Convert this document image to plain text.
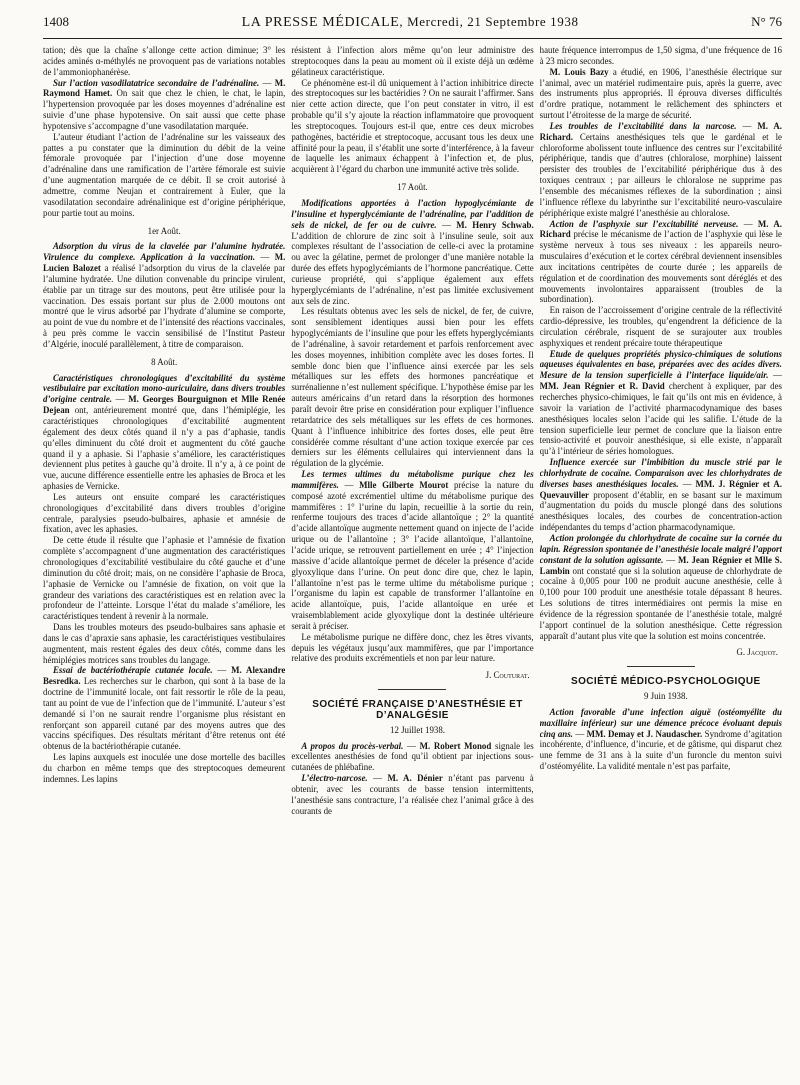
1408	LA PRESSE MÉDICALE, Mercredi, 21 Septembre 1938	N° 76

tation; dès que la chaîne s’allonge cette action diminue; 3° les acides aminés α-méthylés ne provoquent pas de variations notables de l’ammoniophanérèse.

Sur l’action vasodilatatrice secondaire de l’adrénaline. — M. Raymond Hamet. On sait que chez le chien, le chat, le lapin, l’hypertension provoquée par les doses moyennes d’adrénaline est suivie d’une phase hypotensive. On sait aussi que cette phase hypotensive s’accompagne d’une vasodilatation marquée.

L’auteur étudiant l’action de l’adrénaline sur les vaisseaux des pattes a pu constater que la diminution du débit de la veine fémorale provoquée par l’injection d’une dose moyenne d’adrénaline dans une ramification de l’artère fémorale est suivie d’une augmentation marquée de ce débit. Il se croit autorisé à admettre, comme Neujan et contrairement à Euler, que la vasodilatation secondaire adrénalinique est d’origine périphérique, pour partie tout au moins.

1er Août.

Adsorption du virus de la clavelée par l’alumine hydratée. Virulence du complexe. Application à la vaccination. — M. Lucien Balozet a réalisé l’adsorption du virus de la clavelée par l’alumine hydratée. Une dilution convenable du principe virulent, établie par un titrage sur des moutons, peut être utilisée pour la vaccination. Des essais portant sur plus de 2.000 moutons ont montré que le virus adsorbé par l’hydrate d’alumine se comporte, au point de vue du nombre et de l’intensité des réactions vaccinales, à peu près comme le vaccin sensibilisé de l’Institut Pasteur d’Algérie, inoculé parallèlement, à titre de comparaison.

8 Août.

Caractéristiques chronologiques d’excitabilité du système vestibulaire par excitation mono-auriculaire, dans divers troubles d’origine centrale. — M. Georges Bourguignon et Mlle Renée Dejean ont, antérieurement montré que, dans l’hémiplégie, les caractéristiques chronologiques d’excitabilité augmentent également des deux côtés quand il n’y a pas d’aphasie, tandis qu’elles diminuent du côté droit et augmentent du côté gauche quand il y a aphasie. Si l’aphasie s’améliore, les caractéristiques deviennent plus petites à gauche qu’à droite. Il n’y a, à ce point de vue, aucune différence essentielle entre les aphasies de Broca et les aphasies de Vernicke.

Les auteurs ont ensuite comparé les caractéristiques chronologiques d’excitabilité dans divers troubles d’origine centrale, paralysies pseudo-bulbaires, aphasie et amnésie de fixation, avec les aphasies.

De cette étude il résulte que l’aphasie et l’amnésie de fixation complète s’accompagnent d’une augmentation des caractéristiques chronologiques d’excitabilité vestibulaire du côté gauche et d’une diminution du côté droit; mais, on ne considère l’aphasie de Broca, l’aphasie de Vernicke ou l’amnésie de fixation, on voit que la grandeur des variations des caractéristiques est en relation avec la profondeur de l’atteinte. Lorsque l’état du malade s’améliore, les caractéristiques tendent à revenir à la normale.

Dans les troubles moteurs des pseudo-bulbaires sans aphasie et dans le cas d’apraxie sans aphasie, les caractéristiques vestibulaires augmentent, mais restent égales des deux côtés, comme dans les hémiplégies motrices sans troubles du langage.

Essai de bactériothérapie cutanée locale. — M. Alexandre Besredka. Les recherches sur le charbon, qui sont à la base de la doctrine de l’immunité locale, ont fait ressortir le rôle de la peau, tant au point de vue de l’infection que de l’immunité. L’auteur s’est demandé si l’on ne saurait rendre l’organisme plus résistant en renforçant son appareil cutané par des moyens autres que des vaccins spécifiques. Des résultats méritant d’être retenus ont été obtenus de la bactériothérapie cutanée.

Les lapins auxquels est inoculée une dose mortelle des bacilles du charbon en même temps que des streptocoques demeurent indemnes. Les lapins

résistent à l’infection alors même qu’on leur administre des streptocoques dans la peau au moment où il existe déjà un œdème gélatineux caractéristique.

Ce phénomène est-il dû uniquement à l’action inhibitrice directe des streptocoques sur les bactéridies ? On ne saurait l’affirmer. Sans nier cette action directe, que l’on peut constater in vitro, il est probable qu’il s’y ajoute la réaction inflammatoire que provoquent les streptocoques. Toujours est-il que, entre ces deux microbes pathogènes, bactéridie et streptocoque, accusant tous les deux une affinité pour la peau, il s’établit une sorte d’interférence, à la faveur de laquelle les animaux échappent à l’infection et, de plus, acquièrent à l’égard du charbon une immunité active très solide.

17 Août.

Modifications apportées à l’action hypoglycémiante de l’insuline et hyperglycémiante de l’adrénaline, par l’addition de sels de nickel, de fer ou de cuivre. — M. Henry Schwab. L’addition de chlorure de zinc soit à l’insuline seule, soit aux complexes résultant de l’association de celle-ci avec la protamine ou avec la gélatine, permet de prolonger d’une manière notable la durée des effets hypoglycémiants de l’hormone pancréatique. Cette curieuse propriété, qui s’applique également aux effets hyperglycémiants de l’adrénaline, n’est pas limitée exclusivement aux sels de zinc.

Les résultats obtenus avec les sels de nickel, de fer, de cuivre, sont sensiblement identiques aussi bien pour les effets hypoglycémiants de l’insuline que pour les effets hyperglycémiants de l’adrénaline, à savoir retardement et parfois renforcement avec les doses moyennes, inhibition complète avec les doses fortes. Il semble donc bien que l’influence ainsi exercée par les sels métalliques sur les effets des hormones pancréatique et surrénalienne n’est nullement spécifique. L’hypothèse émise par les auteurs américains d’un retard dans la résorption des hormones paraît devoir être prise en considération pour expliquer l’influence retardatrice des sels métalliques sur les effets de ces hormones. Quant à l’influence inhibitrice des fortes doses, elle peut être considérée comme résultant d’une action toxique exercée par ces derniers sur les éléments cellulaires qui interviennent dans la régulation de la glycémie.

Les termes ultimes du métabolisme purique chez les mammifères. — Mlle Gilberte Mourot précise la nature du composé azoté excrémentiel ultime du métabolisme purique des mammifères : 1° l’urine du lapin, recueillie à la sortie du rein, renferme toujours des traces d’acide allantoïque ; 2° la quantité d’acide allantoïque augmente nettement quand on injecte de l’acide urique ou de l’allantoïne ; 3° l’acide allantoïque, l’allantoïne, l’acide urique, se retrouvent partiellement en urée ; 4° l’injection massive d’acide allantoïque permet de déceler la présence d’acide glyoxylique dans l’urine. On peut donc dire que, chez le lapin, l’allantoïne n’est pas le terme ultime du métabolisme purique ; l’organisme du lapin est capable de transformer l’allantoïne en acide allantoïque, puis, l’acide allantoïque en urée et vraisemblablement acide glyoxylique dont la destinée ultérieure serait à préciser.

Le métabolisme purique ne diffère donc, chez les êtres vivants, depuis les végétaux jusqu’aux mammifères, que par l’importance relative des produits excrémentiels et non par leur nature.

J. Couturat.

SOCIÉTÉ FRANÇAISE D’ANESTHÉSIE ET D’ANALGÉSIE

12 Juillet 1938.

A propos du procès-verbal. — M. Robert Monod signale les excellentes anesthésies de fond qu’il obtient par injections sous-cutanées de phlébafine.

L’électro-narcose. — M. A. Dénier n’étant pas parvenu à obtenir, avec les courants de basse tension intermittents, l’anesthésie sans contracture, l’a réalisée chez l’animal grâce à des courants de

haute fréquence interrompus de 1,50 sigma, d’une fréquence de 16 à 23 micro secondes.

M. Louis Bazy a étudié, en 1906, l’anesthésie électrique sur l’animal, avec un matériel rudimentaire puis, après la guerre, avec des instruments plus appropriés. Il éprouva diverses difficultés d’ordre pratique, notamment le relâchement des sphincters et surtout l’étroitesse de la marge de sécurité.

Les troubles de l’excitabilité dans la narcose. — M. A. Richard. Certains anesthésiques tels que le gardénal et le chloroforme abolissent toute influence des centres sur l’excitabilité périphérique, tandis que d’autres (chloralose, morphine) laissent persister des troubles de l’excitabilité périphérique dus à des toxiques centraux ; par ailleurs le chloralose ne supprime pas l’ensemble des mécanismes réflexes de la subordination ; ainsi l’influence réflexe du labyrinthe sur l’excitabilité neuro-vasculaire périphérique existe malgré l’anesthésie au chloralose.

Action de l’asphyxie sur l’excitabilité nerveuse. — M. A. Richard précise le mécanisme de l’action de l’asphyxie qui lèse le système nerveux à tous ses niveaux : les appareils neuro-musculaires d’exécution et le cortex cérébral deviennent insensibles aux incitations centripètes de courte durée ; les appareils de régulation et de coordination des mouvements sont déréglés et des mouvements involontaires apparaissent (troubles de la subordination).

En raison de l’accroissement d’origine centrale de la réflectivité cardio-dépressive, les troubles, qu’engendrent la déficience de la circulation cérébrale, risquent de se surajouter aux troubles asphyxiques et rendent précaire toute thérapeutique

Etude de quelques propriétés physico-chimiques de solutions aqueuses équivalentes en base, préparées avec des acides divers. Mesure de la tension superficielle à l’interface liquide/air. — MM. Jean Régnier et R. David cherchent à expliquer, par des recherches physico-chimiques, le fait qu’ils ont mis en évidence, à savoir la variation de l’activité pharmacodynamique des bases anesthésiques locales selon l’acide qui les salifie. L’étude de la tension superficielle leur permet de conclure que la liaison entre tensio-activité et pouvoir anesthésique, si elle existe, n’apparaît qu’à l’intérieur de séries homologues.

Influence exercée sur l’imbibition du muscle strié par le chlorhydrate de cocaïne. Comparaison avec les chlorhydrates de diverses bases anesthésiques locales. — MM. J. Régnier et A. Quevauviller proposent d’établir, en se basant sur le maximum d’augmentation du poids du muscle plongé dans des solutions anesthésiques locales, des courbes de concentration-action indépendantes du temps d’action pharmacodynamique.

Action prolongée du chlorhydrate de cocaïne sur la cornée du lapin. Régression spontanée de l’anesthésie locale malgré l’apport constant de la solution agissante. — M. Jean Régnier et Mlle S. Lambin ont constaté que si la solution aqueuse de chlorhydrate de cocaïne à 0,005 pour 100 ne produit aucune anesthésie, celle à 0,100 pour 100 produit une anesthésie totale dépassant 8 heures. Les solutions de titres intermédiaires ont permis la mise en évidence de la régression spontanée de l’anesthésie totale, malgré l’apport continuel de la solution anesthésique. Cette régression apparaît d’autant plus vite que la solution est moins concentrée.

G. Jacquot.

SOCIÉTÉ MÉDICO-PSYCHOLOGIQUE

9 Juin 1938.

Action favorable d’une infection aiguë (ostéomyélite du maxillaire inférieur) sur une démence précoce évoluant depuis cinq ans. — MM. Demay et J. Naudascher. Syndrome d’agitation incohérente, d’influence, d’incurie, et de gâtisme, qui disparut chez une femme de 31 ans à la suite d’un furoncle du menton suivi d’ostéomyélite. La validité mentale n’est pas parfaite,
